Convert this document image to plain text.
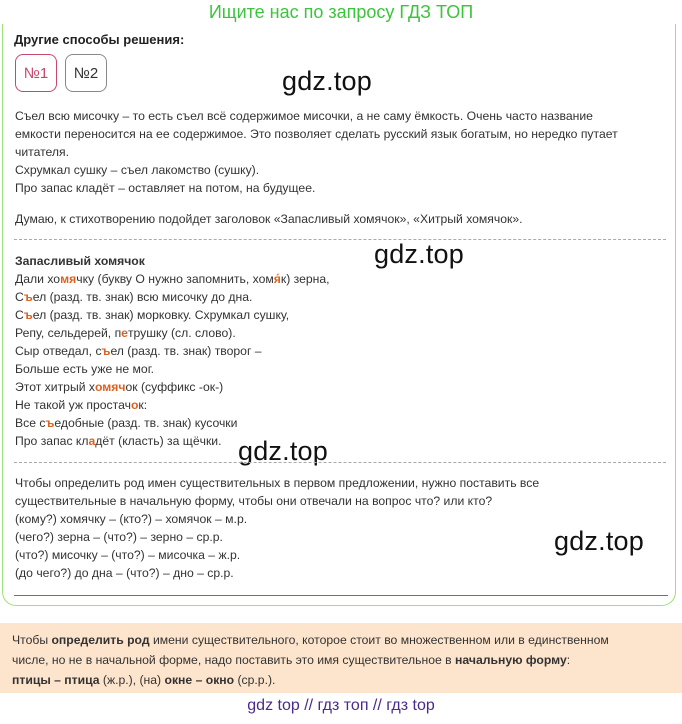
Ищите нас по запросу ГДЗ ТОП
Другие способы решения:
№1	№2	gdz.top
Съел всю мисочку – то есть съел всё содержимое мисочки, а не саму ёмкость. Очень часто название
емкости переносится на ее содержимое. Это позволяет сделать русский язык богатым, но нередко путает
читателя.
Схрумкал сушку – съел лакомство (сушку).
Про запас кладёт – оставляет на потом, на будущее.
Думаю, к стихотворению подойдет заголовок «Запасливый хомячок», «Хитрый хомячок».
gdz.top
Запасливый хомячок
Дали хомячку (букву О нужно запомнить, хомя́к) зерна,
Съел (разд. тв. знак) всю мисочку до дна.
Съел (разд. тв. знак) морковку. Схрумкал сушку,
Репу, сельдерей, петрушку (сл. слово).
Сыр отведал, съел (разд. тв. знак) творог –
Больше есть уже не мог.
Этот хитрый хомячок (суффикс -ок-)
Не такой уж простачок:
Все съедобные (разд. тв. знак) кусочки
Про запас кладёт (класть) за щёчки. gdz.top
Чтобы определить род имен существительных в первом предложении, нужно поставить все
существительные в начальную форму, чтобы они отвечали на вопрос что? или кто?
(кому?) хомячку – (кто?) – хомячок – м.р.
(чего?) зерна – (что?) – зерно – ср.р.
(что?) мисочку – (что?) – мисочка – ж.р.
(до чего?) до дна – (что?) – дно – ср.р.
gdz.top
Чтобы определить род имени существительного, которое стоит во множественном или в единственном
числе, но не в начальной форме, надо поставить это имя существительное в начальную форму:
птицы – птица (ж.р.), (на) окне – окно (ср.р.).
gdz top // гдз топ // гдз top
